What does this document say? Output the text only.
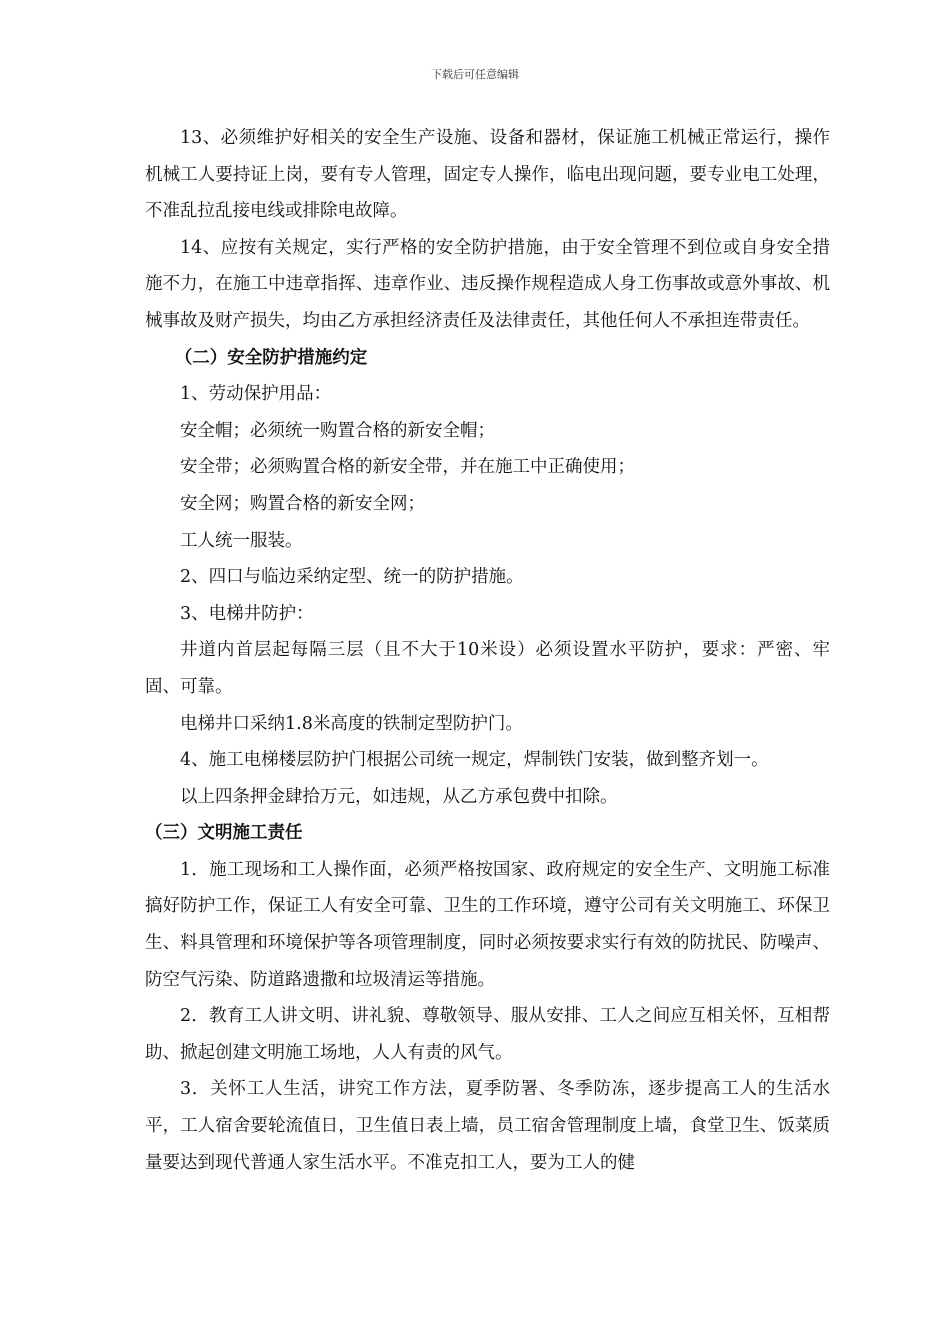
下载后可任意编辑

13、必须维护好相关的安全生产设施、设备和器材，保证施工机械正常运行，操作机械工人要持证上岗，要有专人管理，固定专人操作，临电出现问题，要专业电工处理，不准乱拉乱接电线或排除电故障。

14、应按有关规定，实行严格的安全防护措施，由于安全管理不到位或自身安全措施不力，在施工中违章指挥、违章作业、违反操作规程造成人身工伤事故或意外事故、机械事故及财产损失，均由乙方承担经济责任及法律责任，其他任何人不承担连带责任。

（二）安全防护措施约定

1、劳动保护用品：

安全帽；必须统一购置合格的新安全帽；

安全带；必须购置合格的新安全带，并在施工中正确使用；

安全网；购置合格的新安全网；

工人统一服装。

2、四口与临边采纳定型、统一的防护措施。

3、电梯井防护：

井道内首层起每隔三层（且不大于10米设）必须设置水平防护，要求：严密、牢固、可靠。

电梯井口采纳1.8米高度的铁制定型防护门。

4、施工电梯楼层防护门根据公司统一规定，焊制铁门安装，做到整齐划一。

以上四条押金肆拾万元，如违规，从乙方承包费中扣除。

（三）文明施工责任

1．施工现场和工人操作面，必须严格按国家、政府规定的安全生产、文明施工标准搞好防护工作，保证工人有安全可靠、卫生的工作环境，遵守公司有关文明施工、环保卫生、料具管理和环境保护等各项管理制度，同时必须按要求实行有效的防扰民、防噪声、防空气污染、防道路遗撒和垃圾清运等措施。

2．教育工人讲文明、讲礼貌、尊敬领导、服从安排、工人之间应互相关怀，互相帮助、掀起创建文明施工场地，人人有责的风气。

3．关怀工人生活，讲究工作方法，夏季防署、冬季防冻，逐步提高工人的生活水平，工人宿舍要轮流值日，卫生值日表上墙，员工宿舍管理制度上墙，食堂卫生、饭菜质量要达到现代普通人家生活水平。不准克扣工人，要为工人的健
